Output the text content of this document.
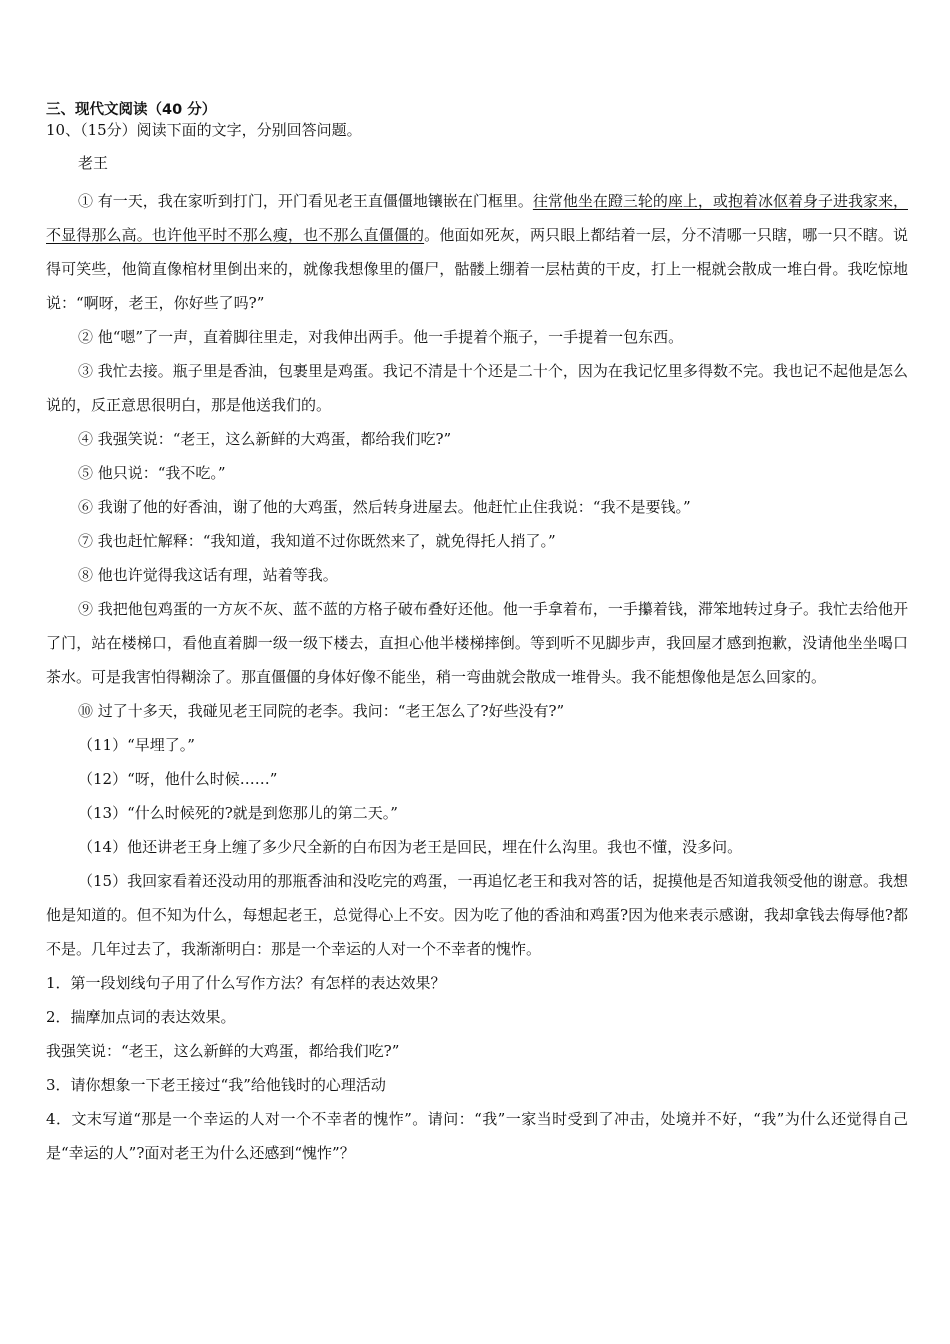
三、现代文阅读（40 分）
10、（15分）阅读下面的文字，分别回答问题。
老王
① 有一天，我在家听到打门，开门看见老王直僵僵地镶嵌在门框里。往常他坐在蹬三轮的座上，或抱着冰伛着身子进我家来，不显得那么高。也许他平时不那么瘦，也不那么直僵僵的。他面如死灰，两只眼上都结着一层，分不清哪一只瞎，哪一只不瞎。说得可笑些，他简直像棺材里倒出来的，就像我想像里的僵尸，骷髅上绷着一层枯黄的干皮，打上一棍就会散成一堆白骨。我吃惊地说：“啊呀，老王，你好些了吗?”
② 他“嗯”了一声，直着脚往里走，对我伸出两手。他一手提着个瓶子，一手提着一包东西。
③ 我忙去接。瓶子里是香油，包裹里是鸡蛋。我记不清是十个还是二十个，因为在我记忆里多得数不完。我也记不起他是怎么说的，反正意思很明白，那是他送我们的。
④ 我强笑说：“老王，这么新鲜的大鸡蛋，都给我们吃?”
⑤ 他只说：“我不吃。”
⑥ 我谢了他的好香油，谢了他的大鸡蛋，然后转身进屋去。他赶忙止住我说：“我不是要钱。”
⑦ 我也赶忙解释：“我知道，我知道不过你既然来了，就免得托人捎了。”
⑧ 他也许觉得我这话有理，站着等我。
⑨ 我把他包鸡蛋的一方灰不灰、蓝不蓝的方格子破布叠好还他。他一手拿着布，一手攥着钱，滞笨地转过身子。我忙去给他开了门，站在楼梯口，看他直着脚一级一级下楼去，直担心他半楼梯摔倒。等到听不见脚步声，我回屋才感到抱歉，没请他坐坐喝口茶水。可是我害怕得糊涂了。那直僵僵的身体好像不能坐，稍一弯曲就会散成一堆骨头。我不能想像他是怎么回家的。
⑩ 过了十多天，我碰见老王同院的老李。我问：“老王怎么了?好些没有?”
（11）“早埋了。”
（12）“呀，他什么时候……”
（13）“什么时候死的?就是到您那儿的第二天。”
（14）他还讲老王身上缠了多少尺全新的白布因为老王是回民，埋在什么沟里。我也不懂，没多问。
（15）我回家看着还没动用的那瓶香油和没吃完的鸡蛋，一再追忆老王和我对答的话，捉摸他是否知道我领受他的谢意。我想他是知道的。但不知为什么，每想起老王，总觉得心上不安。因为吃了他的香油和鸡蛋?因为他来表示感谢，我却拿钱去侮辱他?都不是。几年过去了，我渐渐明白：那是一个幸运的人对一个不幸者的愧怍。
1．第一段划线句子用了什么写作方法？有怎样的表达效果？
2．揣摩加点词的表达效果。
我强笑说：“老王，这么新鲜的大鸡蛋，都给我们吃?”
3．请你想象一下老王接过“我”给他钱时的心理活动
4．文末写道“那是一个幸运的人对一个不幸者的愧怍”。请问：“我”一家当时受到了冲击，处境并不好，“我”为什么还觉得自己是“幸运的人”?面对老王为什么还感到“愧怍”？
